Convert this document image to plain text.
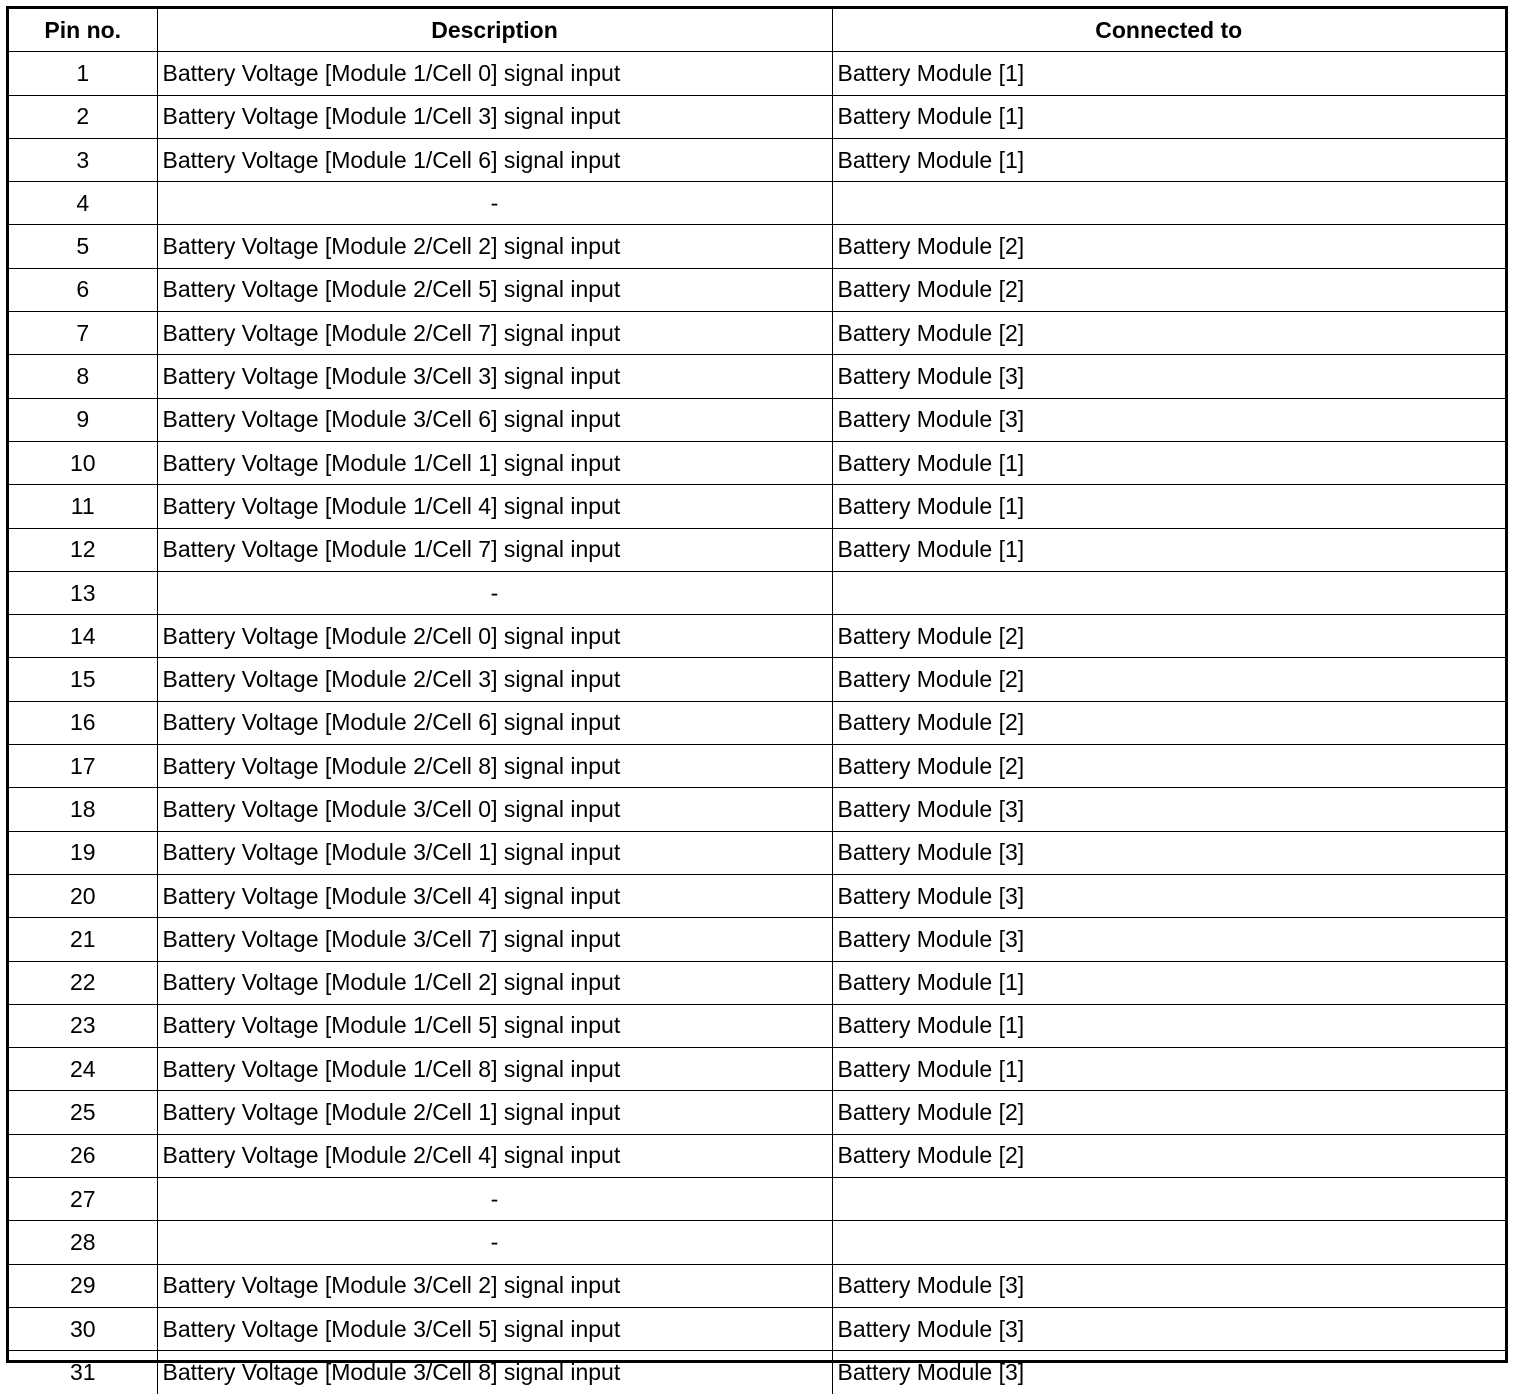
Pin no.	Description	Connected to
1	Battery Voltage [Module 1/Cell 0] signal input	Battery Module [1]
2	Battery Voltage [Module 1/Cell 3] signal input	Battery Module [1]
3	Battery Voltage [Module 1/Cell 6] signal input	Battery Module [1]
4	-	
5	Battery Voltage [Module 2/Cell 2] signal input	Battery Module [2]
6	Battery Voltage [Module 2/Cell 5] signal input	Battery Module [2]
7	Battery Voltage [Module 2/Cell 7] signal input	Battery Module [2]
8	Battery Voltage [Module 3/Cell 3] signal input	Battery Module [3]
9	Battery Voltage [Module 3/Cell 6] signal input	Battery Module [3]
10	Battery Voltage [Module 1/Cell 1] signal input	Battery Module [1]
11	Battery Voltage [Module 1/Cell 4] signal input	Battery Module [1]
12	Battery Voltage [Module 1/Cell 7] signal input	Battery Module [1]
13	-	
14	Battery Voltage [Module 2/Cell 0] signal input	Battery Module [2]
15	Battery Voltage [Module 2/Cell 3] signal input	Battery Module [2]
16	Battery Voltage [Module 2/Cell 6] signal input	Battery Module [2]
17	Battery Voltage [Module 2/Cell 8] signal input	Battery Module [2]
18	Battery Voltage [Module 3/Cell 0] signal input	Battery Module [3]
19	Battery Voltage [Module 3/Cell 1] signal input	Battery Module [3]
20	Battery Voltage [Module 3/Cell 4] signal input	Battery Module [3]
21	Battery Voltage [Module 3/Cell 7] signal input	Battery Module [3]
22	Battery Voltage [Module 1/Cell 2] signal input	Battery Module [1]
23	Battery Voltage [Module 1/Cell 5] signal input	Battery Module [1]
24	Battery Voltage [Module 1/Cell 8] signal input	Battery Module [1]
25	Battery Voltage [Module 2/Cell 1] signal input	Battery Module [2]
26	Battery Voltage [Module 2/Cell 4] signal input	Battery Module [2]
27	-	
28	-	
29	Battery Voltage [Module 3/Cell 2] signal input	Battery Module [3]
30	Battery Voltage [Module 3/Cell 5] signal input	Battery Module [3]
31	Battery Voltage [Module 3/Cell 8] signal input	Battery Module [3]
